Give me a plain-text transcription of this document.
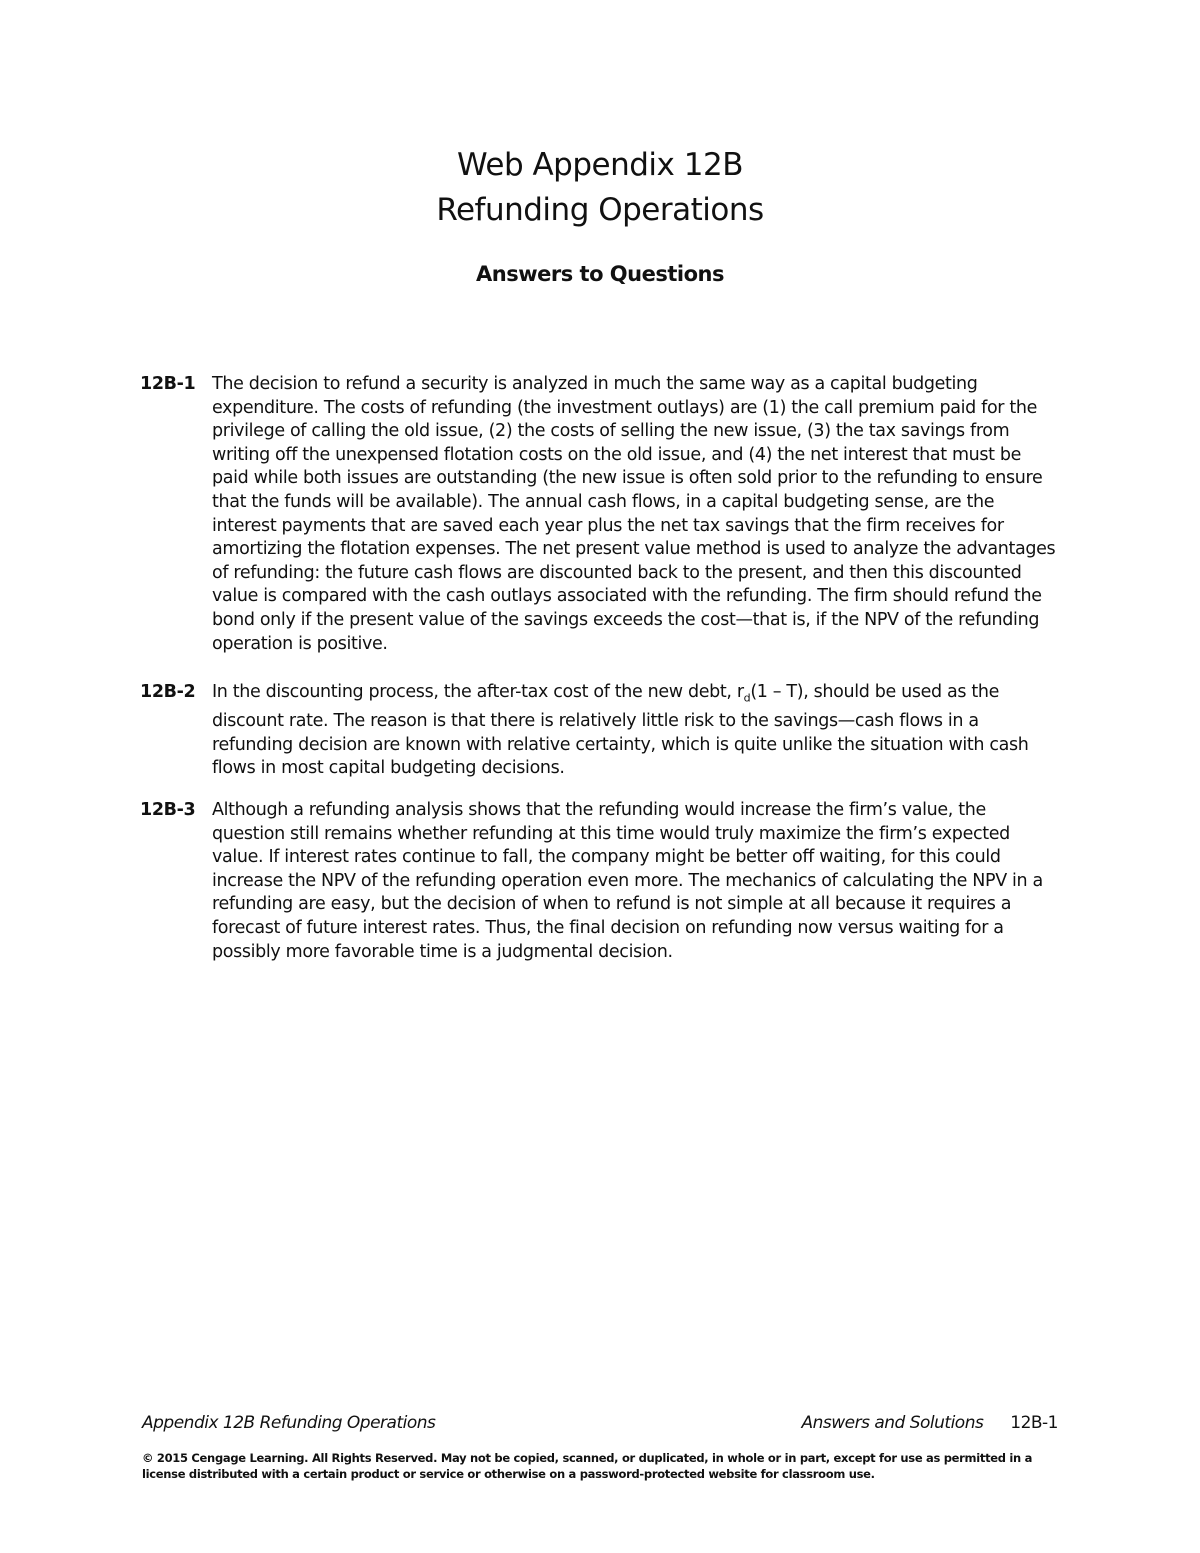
Web Appendix 12B
Refunding Operations
Answers to Questions
12B-1 The decision to refund a security is analyzed in much the same way as a capital budgeting expenditure. The costs of refunding (the investment outlays) are (1) the call premium paid for the privilege of calling the old issue, (2) the costs of selling the new issue, (3) the tax savings from writing off the unexpensed flotation costs on the old issue, and (4) the net interest that must be paid while both issues are outstanding (the new issue is often sold prior to the refunding to ensure that the funds will be available). The annual cash flows, in a capital budgeting sense, are the interest payments that are saved each year plus the net tax savings that the firm receives for amortizing the flotation expenses. The net present value method is used to analyze the advantages of refunding: the future cash flows are discounted back to the present, and then this discounted value is compared with the cash outlays associated with the refunding. The firm should refund the bond only if the present value of the savings exceeds the cost—that is, if the NPV of the refunding operation is positive.
12B-2 In the discounting process, the after-tax cost of the new debt, $r_d(1 - T)$, should be used as the discount rate. The reason is that there is relatively little risk to the savings—cash flows in a refunding decision are known with relative certainty, which is quite unlike the situation with cash flows in most capital budgeting decisions.
12B-3 Although a refunding analysis shows that the refunding would increase the firm’s value, the question still remains whether refunding at this time would truly maximize the firm’s expected value. If interest rates continue to fall, the company might be better off waiting, for this could increase the NPV of the refunding operation even more. The mechanics of calculating the NPV in a refunding are easy, but the decision of when to refund is not simple at all because it requires a forecast of future interest rates. Thus, the final decision on refunding now versus waiting for a possibly more favorable time is a judgmental decision.
Appendix 12B Refunding Operations	Answers and Solutions 12B-1
© 2015 Cengage Learning. All Rights Reserved. May not be copied, scanned, or duplicated, in whole or in part, except for use as permitted in a license distributed with a certain product or service or otherwise on a password-protected website for classroom use.
